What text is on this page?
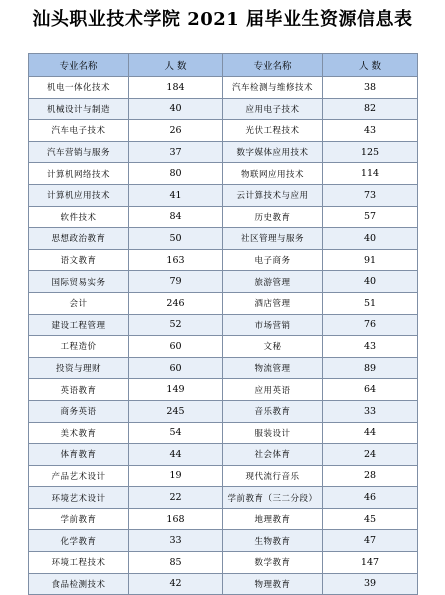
汕头职业技术学院 2021 届毕业生资源信息表
专业名称	人 数	专业名称	人 数
机电一体化技术	184	汽车检测与维修技术	38
机械设计与制造	40	应用电子技术	82
汽车电子技术	26	光伏工程技术	43
汽车营销与服务	37	数字媒体应用技术	125
计算机网络技术	80	物联网应用技术	114
计算机应用技术	41	云计算技术与应用	73
软件技术	84	历史教育	57
思想政治教育	50	社区管理与服务	40
语文教育	163	电子商务	91
国际贸易实务	79	旅游管理	40
会计	246	酒店管理	51
建设工程管理	52	市场营销	76
工程造价	60	文秘	43
投资与理财	60	物流管理	89
英语教育	149	应用英语	64
商务英语	245	音乐教育	33
美术教育	54	服装设计	44
体育教育	44	社会体育	24
产品艺术设计	19	现代流行音乐	28
环境艺术设计	22	学前教育（三二分段）	46
学前教育	168	地理教育	45
化学教育	33	生物教育	47
环境工程技术	85	数学教育	147
食品检测技术	42	物理教育	39
